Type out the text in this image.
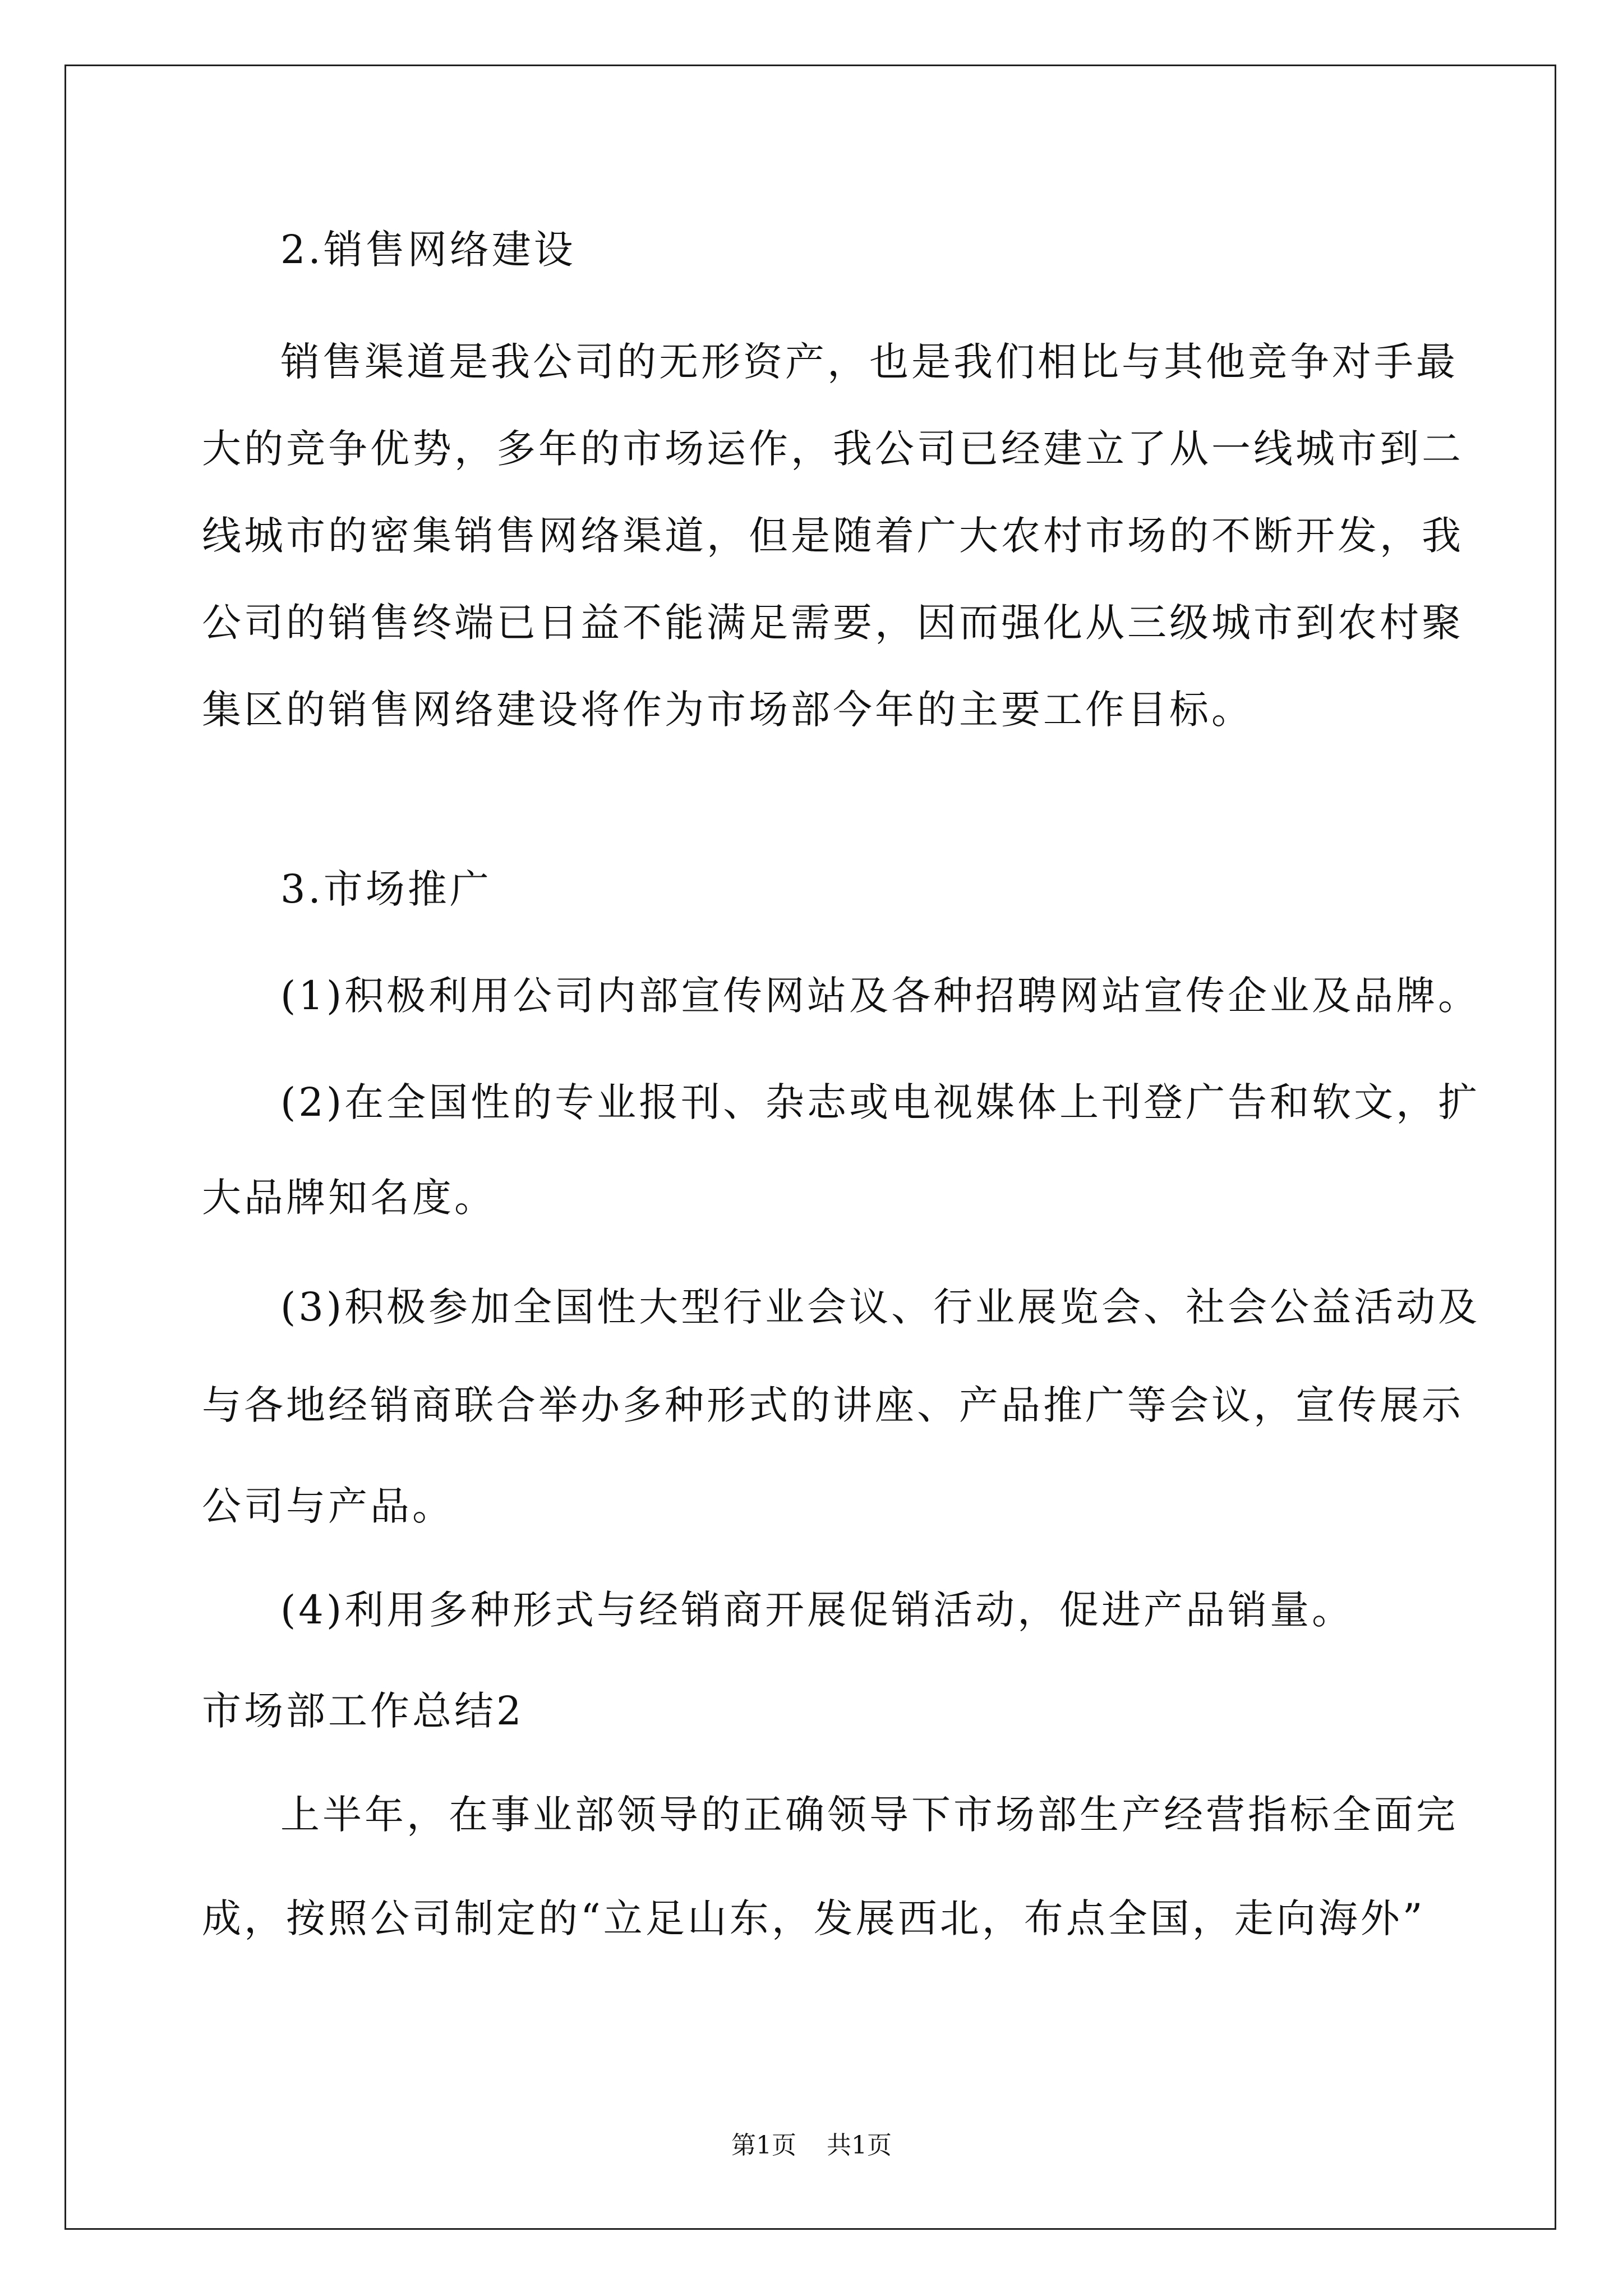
2.销售网络建设
销售渠道是我公司的无形资产，也是我们相比与其他竞争对手最
大的竞争优势，多年的市场运作，我公司已经建立了从一线城市到二
线城市的密集销售网络渠道，但是随着广大农村市场的不断开发，我
公司的销售终端已日益不能满足需要，因而强化从三级城市到农村聚
集区的销售网络建设将作为市场部今年的主要工作目标。
3.市场推广
(1)积极利用公司内部宣传网站及各种招聘网站宣传企业及品牌。
(2)在全国性的专业报刊、杂志或电视媒体上刊登广告和软文，扩
大品牌知名度。
(3)积极参加全国性大型行业会议、行业展览会、社会公益活动及
与各地经销商联合举办多种形式的讲座、产品推广等会议，宣传展示
公司与产品。
(4)利用多种形式与经销商开展促销活动，促进产品销量。
市场部工作总结2
上半年，在事业部领导的正确领导下市场部生产经营指标全面完
成，按照公司制定的“立足山东，发展西北，布点全国，走向海外”
第1页 共1页
